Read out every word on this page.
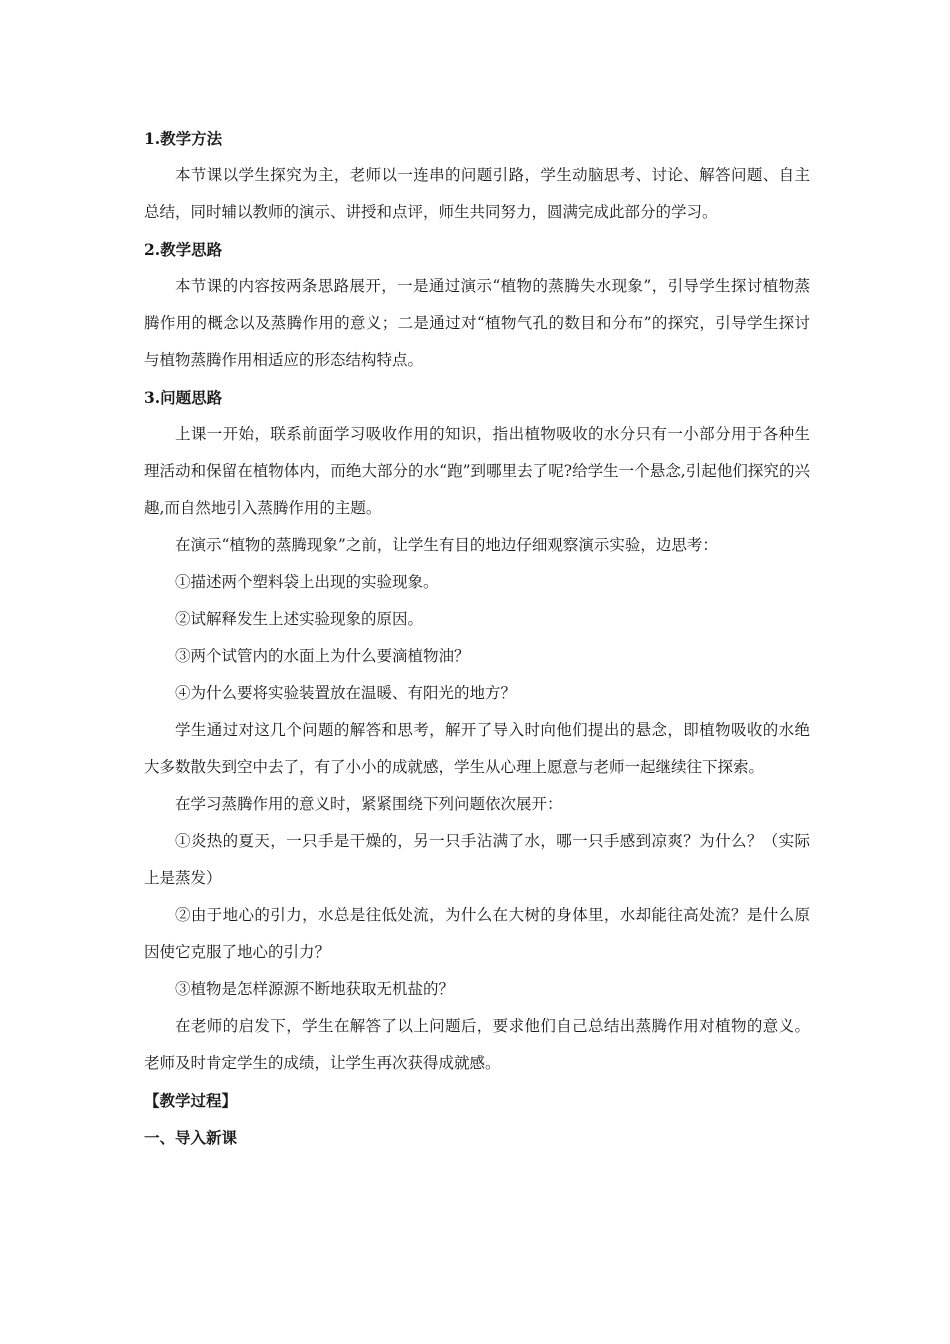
1.教学方法

本节课以学生探究为主，老师以一连串的问题引路，学生动脑思考、讨论、解答问题、自主总结，同时辅以教师的演示、讲授和点评，师生共同努力，圆满完成此部分的学习。

2.教学思路

本节课的内容按两条思路展开，一是通过演示“植物的蒸腾失水现象”，引导学生探讨植物蒸腾作用的概念以及蒸腾作用的意义；二是通过对“植物气孔的数目和分布”的探究，引导学生探讨与植物蒸腾作用相适应的形态结构特点。

3.问题思路

上课一开始，联系前面学习吸收作用的知识，指出植物吸收的水分只有一小部分用于各种生理活动和保留在植物体内，而绝大部分的水“跑”到哪里去了呢?给学生一个悬念,引起他们探究的兴趣,而自然地引入蒸腾作用的主题。

在演示“植物的蒸腾现象”之前，让学生有目的地边仔细观察演示实验，边思考：

①描述两个塑料袋上出现的实验现象。

②试解释发生上述实验现象的原因。

③两个试管内的水面上为什么要滴植物油？

④为什么要将实验装置放在温暖、有阳光的地方？

学生通过对这几个问题的解答和思考，解开了导入时向他们提出的悬念，即植物吸收的水绝大多数散失到空中去了，有了小小的成就感，学生从心理上愿意与老师一起继续往下探索。

在学习蒸腾作用的意义时，紧紧围绕下列问题依次展开：

①炎热的夏天，一只手是干燥的，另一只手沾满了水，哪一只手感到凉爽？为什么？（实际上是蒸发）

②由于地心的引力，水总是往低处流，为什么在大树的身体里，水却能往高处流？是什么原因使它克服了地心的引力？

③植物是怎样源源不断地获取无机盐的？

在老师的启发下，学生在解答了以上问题后，要求他们自己总结出蒸腾作用对植物的意义。老师及时肯定学生的成绩，让学生再次获得成就感。

【教学过程】

一、导入新课
